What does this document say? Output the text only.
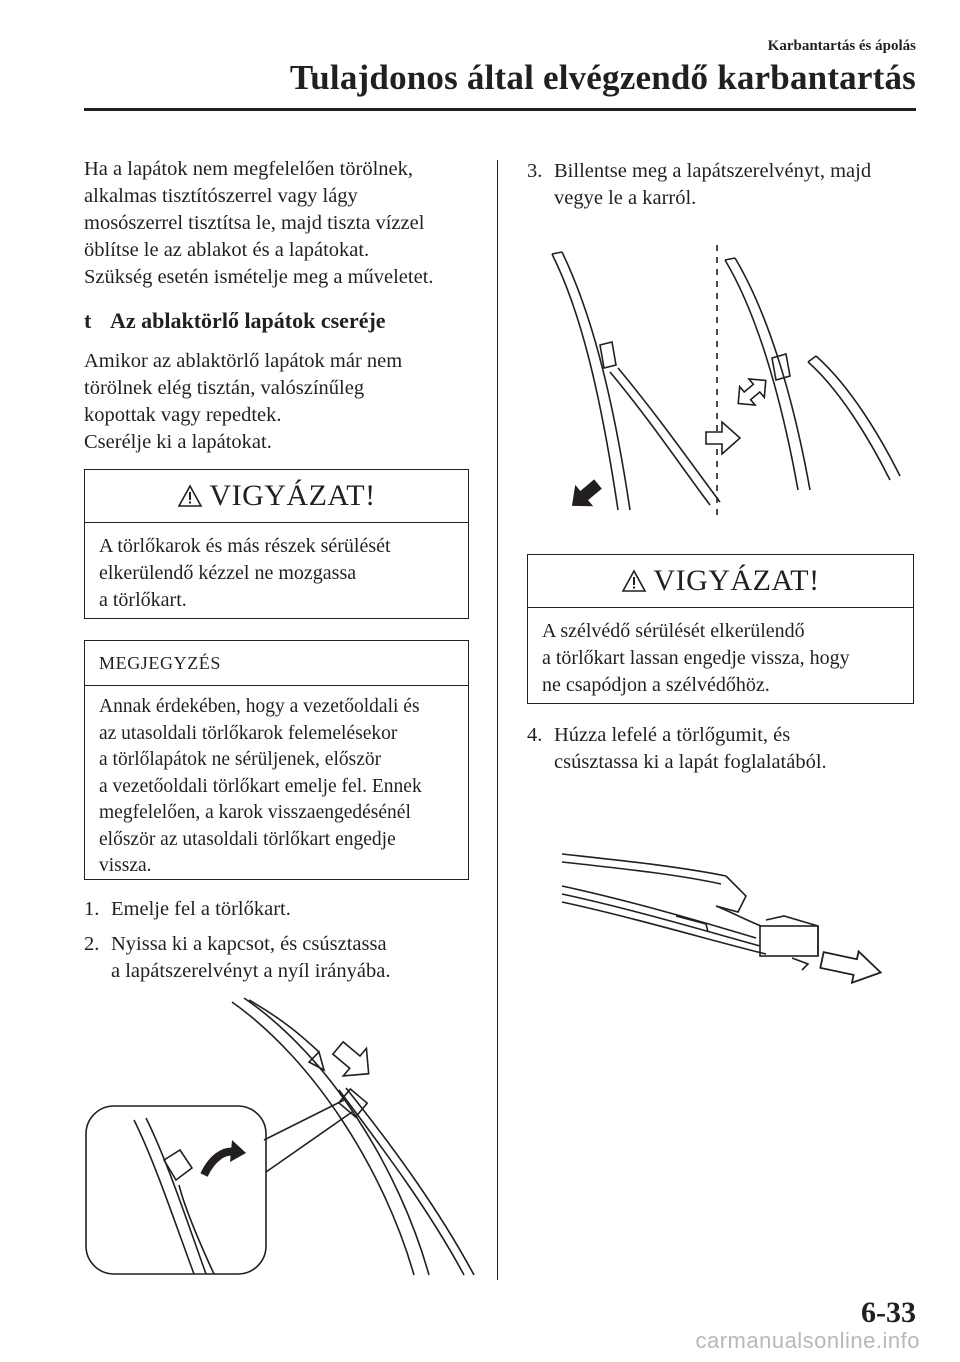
Karbantartás és ápolás
Tulajdonos által elvégzendő karbantartás
Ha a lapátok nem megfelelően törölnek,
alkalmas tisztítószerrel vagy lágy
mosószerrel tisztítsa le, majd tiszta vízzel
öblítse le az ablakot és a lapátokat.
Szükség esetén ismételje meg a műveletet.
t Az ablaktörlő lapátok cseréje
Amikor az ablaktörlő lapátok már nem
törölnek elég tisztán, valószínűleg
kopottak vagy repedtek.
Cserélje ki a lapátokat.
VIGYÁZAT!
A törlőkarok és más részek sérülését
elkerülendő kézzel ne mozgassa
a törlőkart.
MEGJEGYZÉS
Annak érdekében, hogy a vezetőoldali és
az utasoldali törlőkarok felemelésekor
a törlőlapátok ne sérüljenek, először
a vezetőoldali törlőkart emelje fel. Ennek
megfelelően, a karok visszaengedésénél
először az utasoldali törlőkart engedje
vissza.
1. Emelje fel a törlőkart.
2. Nyissa ki a kapcsot, és csúsztassa
a lapátszerelvényt a nyíl irányába.
3. Billentse meg a lapátszerelvényt, majd
vegye le a karról.
VIGYÁZAT!
A szélvédő sérülését elkerülendő
a törlőkart lassan engedje vissza, hogy
ne csapódjon a szélvédőhöz.
4. Húzza lefelé a törlőgumit, és
csúsztassa ki a lapát foglalatából.
6-33
carmanualsonline.info
